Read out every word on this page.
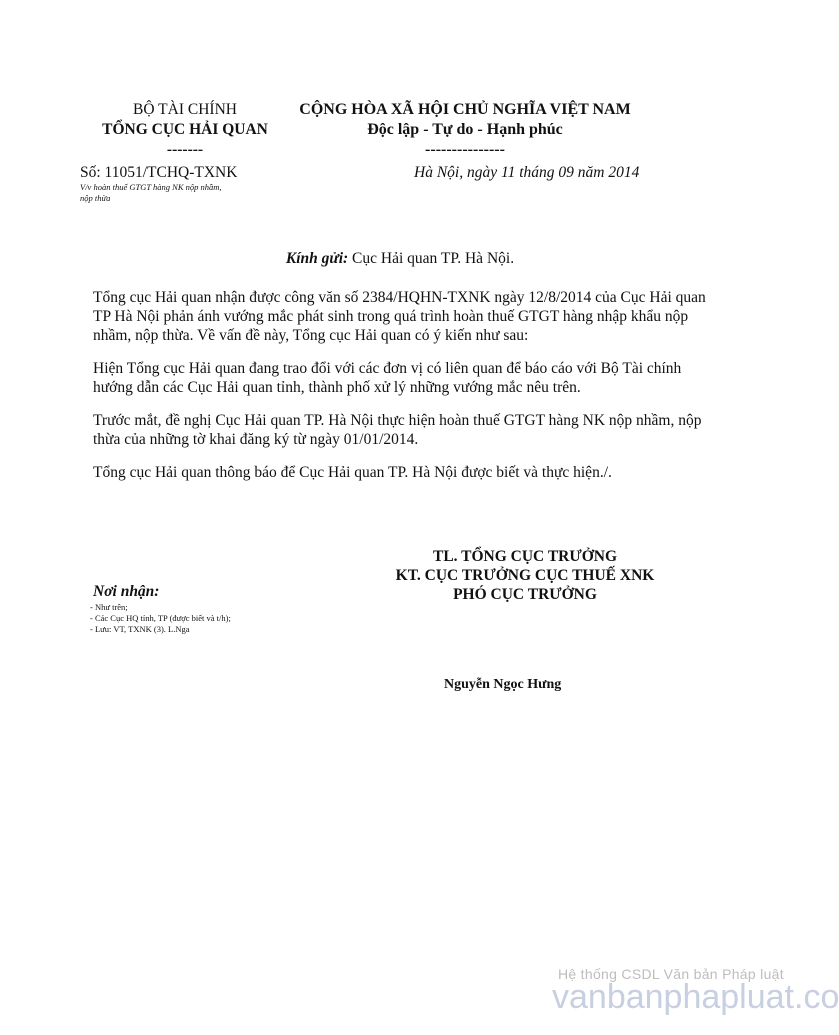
BỘ TÀI CHÍNH
TỔNG CỤC HẢI QUAN
-------
CỘNG HÒA XÃ HỘI CHỦ NGHĨA VIỆT NAM
Độc lập - Tự do - Hạnh phúc
---------------
Số: 11051/TCHQ-TXNK
V/v hoàn thuế GTGT hàng NK nộp nhầm,
nộp thừa
Hà Nội, ngày 11 tháng 09 năm 2014
Kính gửi: Cục Hải quan TP. Hà Nội.
Tổng cục Hải quan nhận được công văn số 2384/HQHN-TXNK ngày 12/8/2014 của Cục Hải quan TP Hà Nội phản ánh vướng mắc phát sinh trong quá trình hoàn thuế GTGT hàng nhập khẩu nộp nhầm, nộp thừa. Về vấn đề này, Tổng cục Hải quan có ý kiến như sau:
Hiện Tổng cục Hải quan đang trao đổi với các đơn vị có liên quan để báo cáo với Bộ Tài chính hướng dẫn các Cục Hải quan tỉnh, thành phố xử lý những vướng mắc nêu trên.
Trước mắt, đề nghị Cục Hải quan TP. Hà Nội thực hiện hoàn thuế GTGT hàng NK nộp nhầm, nộp thừa của những tờ khai đăng ký từ ngày 01/01/2014.
Tổng cục Hải quan thông báo để Cục Hải quan TP. Hà Nội được biết và thực hiện./.
TL. TỔNG CỤC TRƯỞNG
KT. CỤC TRƯỞNG CỤC THUẾ XNK
PHÓ CỤC TRƯỞNG
Nơi nhận:
- Như trên;
- Các Cục HQ tỉnh, TP (được biết và t/h);
- Lưu: VT, TXNK (3). L.Nga
Nguyễn Ngọc Hưng
Hệ thống CSDL Văn bản Pháp luật
vanbanphapluat.co
